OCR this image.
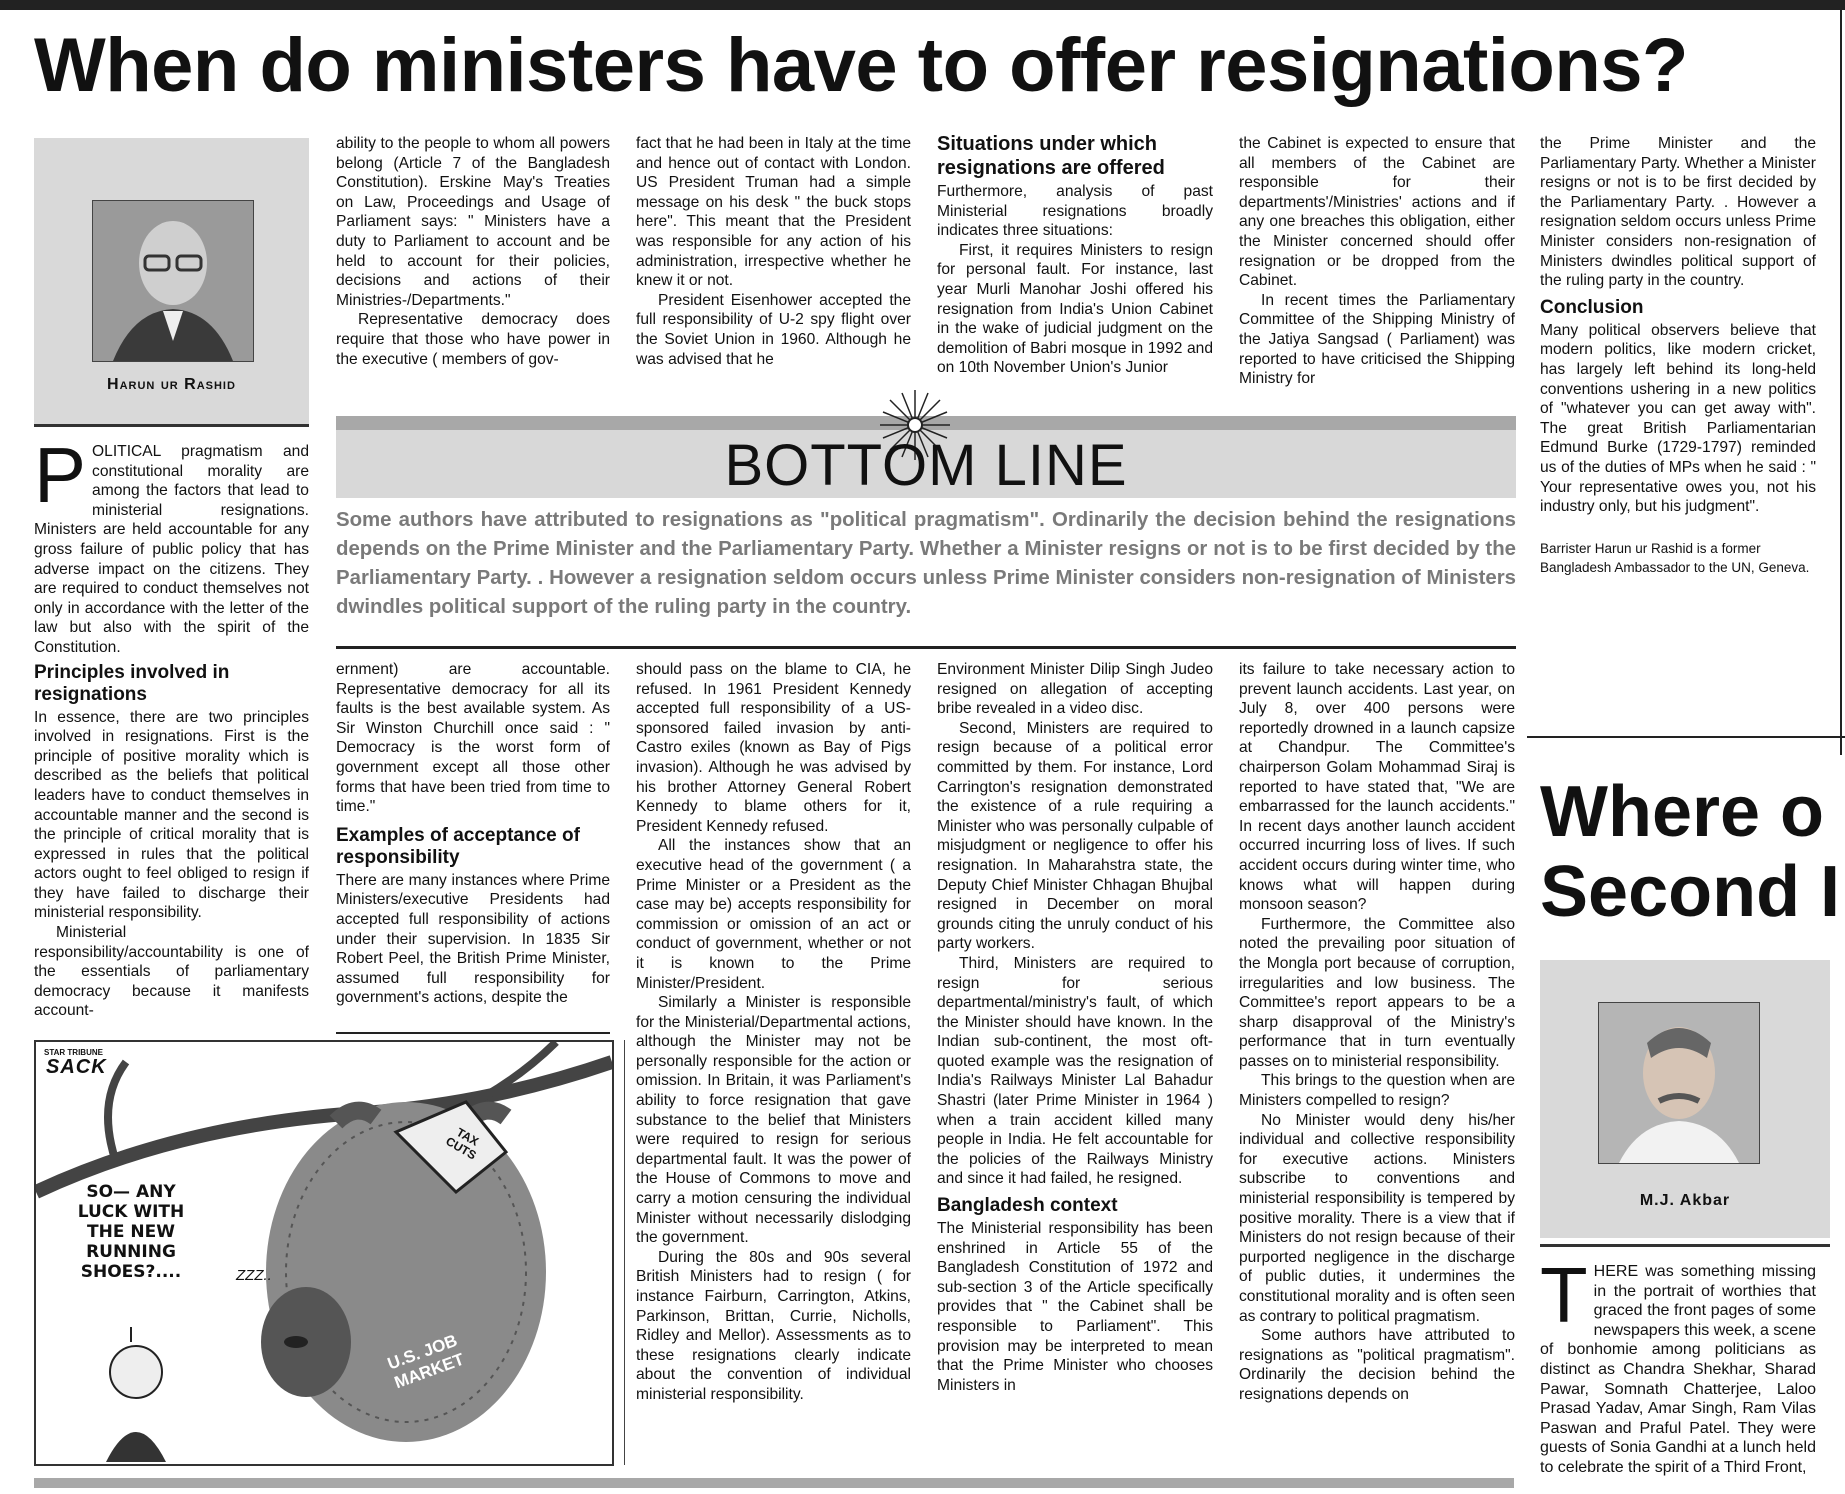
When do ministers have to offer resignations?
Harun ur Rashid
P OLITICAL pragmatism and constitutional morality are among the factors that lead to ministerial resignations. Ministers are held accountable for any gross failure of public policy that has adverse impact on the citizens. They are required to conduct themselves not only in accordance with the letter of the law but also with the spirit of the Constitution.

Principles involved in resignations

In essence, there are two principles involved in resignations. First is the principle of positive morality which is described as the beliefs that political leaders have to conduct themselves in accountable manner and the second is the principle of critical morality that is expressed in rules that the political actors ought to feel obliged to resign if they have failed to discharge their ministerial responsibility.

Ministerial responsibility/accountability is one of the essentials of parliamentary democracy because it manifests account-

ability to the people to whom all powers belong (Article 7 of the Bangladesh Constitution). Erskine May's Treaties on Law, Proceedings and Usage of Parliament says: " Ministers have a duty to Parliament to account and be held to account for their policies, decisions and actions of their Ministries-/Departments."

Representative democracy does require that those who have power in the executive ( members of gov-

fact that he had been in Italy at the time and hence out of contact with London. US President Truman had a simple message on his desk " the buck stops here". This meant that the President was responsible for any action of his administration, irrespective whether he knew it or not.

President Eisenhower accepted the full responsibility of U-2 spy flight over the Soviet Union in 1960. Although he was advised that he

Situations under which resignations are offered

Furthermore, analysis of past Ministerial resignations broadly indicates three situations:

First, it requires Ministers to resign for personal fault. For instance, last year Murli Manohar Joshi offered his resignation from India's Union Cabinet in the wake of judicial judgment on the demolition of Babri mosque in 1992 and on 10th November Union's Junior

the Cabinet is expected to ensure that all members of the Cabinet are responsible for their departments'/Ministries' actions and if any one breaches this obligation, either the Minister concerned should offer resignation or be dropped from the Cabinet.

In recent times the Parliamentary Committee of the Shipping Ministry of the Jatiya Sangsad ( Parliament) was reported to have criticised the Shipping Ministry for

the Prime Minister and the Parliamentary Party. Whether a Minister resigns or not is to be first decided by the Parliamentary Party. . However a resignation seldom occurs unless Prime Minister considers non-resignation of Ministers dwindles political support of the ruling party in the country.

Conclusion

Many political observers believe that modern politics, like modern cricket, has largely left behind its long-held conventions ushering in a new politics of "whatever you can get away with". The great British Parliamentarian Edmund Burke (1729-1797) reminded us of the duties of MPs when he said : " Your representative owes you, not his industry only, but his judgment".

Barrister Harun ur Rashid is a former Bangladesh Ambassador to the UN, Geneva.

BOTTOM LINE
Some authors have attributed to resignations as "political pragmatism". Ordinarily the decision behind the resignations depends on the Prime Minister and the Parliamentary Party. Whether a Minister resigns or not is to be first decided by the Parliamentary Party. . However a resignation seldom occurs unless Prime Minister considers non-resignation of Ministers dwindles political support of the ruling party in the country.

ernment) are accountable. Representative democracy for all its faults is the best available system. As Sir Winston Churchill once said : " Democracy is the worst form of government except all those other forms that have been tried from time to time."

Examples of acceptance of responsibility

There are many instances where Prime Ministers/executive Presidents had accepted full responsibility of actions under their supervision. In 1835 Sir Robert Peel, the British Prime Minister, assumed full responsibility for government's actions, despite the

should pass on the blame to CIA, he refused. In 1961 President Kennedy accepted full responsibility of a US-sponsored failed invasion by anti-Castro exiles (known as Bay of Pigs invasion). Although he was advised by his brother Attorney General Robert Kennedy to blame others for it, President Kennedy refused.

All the instances show that an executive head of the government ( a Prime Minister or a President as the case may be) accepts responsibility for commission or omission of an act or conduct of government, whether or not it is known to the Prime Minister/President.

Similarly a Minister is responsible for the Ministerial/Departmental actions, although the Minister may not be personally responsible for the action or omission. In Britain, it was Parliament's ability to force resignation that gave substance to the belief that Ministers were required to resign for serious departmental fault. It was the power of the House of Commons to move and carry a motion censuring the individual Minister without necessarily dislodging the government.

During the 80s and 90s several British Ministers had to resign ( for instance Fairburn, Carrington, Atkins, Parkinson, Brittan, Currie, Nicholls, Ridley and Mellor). Assessments as to these resignations clearly indicate about the convention of individual ministerial responsibility.

Environment Minister Dilip Singh Judeo resigned on allegation of accepting bribe revealed in a video disc.

Second, Ministers are required to resign because of a political error committed by them. For instance, Lord Carrington's resignation demonstrated the existence of a rule requiring a Minister who was personally culpable of misjudgment or negligence to offer his resignation. In Maharahstra state, the Deputy Chief Minister Chhagan Bhujbal resigned in December on moral grounds citing the unruly conduct of his party workers.

Third, Ministers are required to resign for serious departmental/ministry's fault, of which the Minister should have known. In the Indian sub-continent, the most oft-quoted example was the resignation of India's Railways Minister Lal Bahadur Shastri (later Prime Minister in 1964 ) when a train accident killed many people in India. He felt accountable for the policies of the Railways Ministry and since it had failed, he resigned.

Bangladesh context

The Ministerial responsibility has been enshrined in Article 55 of the Bangladesh Constitution of 1972 and sub-section 3 of the Article specifically provides that " the Cabinet shall be responsible to Parliament". This provision may be interpreted to mean that the Prime Minister who chooses Ministers in

its failure to take necessary action to prevent launch accidents. Last year, on July 8, over 400 persons were reportedly drowned in a launch capsize at Chandpur. The Committee's chairperson Golam Mohammad Siraj is reported to have stated that, "We are embarrassed for the launch accidents." In recent days another launch accident occurred incurring loss of lives. If such accident occurs during winter time, who knows what will happen during monsoon season?

Furthermore, the Committee also noted the prevailing poor situation of the Mongla port because of corruption, irregularities and low business. The Committee's report appears to be a sharp disapproval of the Ministry's performance that in turn eventually passes on to ministerial responsibility.

This brings to the question when are Ministers compelled to resign?

No Minister would deny his/her individual and collective responsibility for executive actions. Ministers subscribe to conventions and ministerial responsibility is tempered by positive morality. There is a view that if Ministers do not resign because of their purported negligence in the discharge of public duties, it undermines the constitutional morality and is often seen as contrary to political pragmatism.

Some authors have attributed to resignations as "political pragmatism". Ordinarily the decision behind the resignations depends on

STAR TRIBUNE
SACK
SO— ANY LUCK WITH THE NEW RUNNING SHOES?....
TAX CUTS
U.S. JOB MARKET
ZZZ..
Where o
Second I
M.J. Akbar
T HERE was something missing in the portrait of worthies that graced the front pages of some newspapers this week, a scene of bonhomie among politicians as distinct as Chandra Shekhar, Sharad Pawar, Somnath Chatterjee, Laloo Prasad Yadav, Amar Singh, Ram Vilas Paswan and Praful Patel. They were guests of Sonia Gandhi at a lunch held to celebrate the spirit of a Third Front,
